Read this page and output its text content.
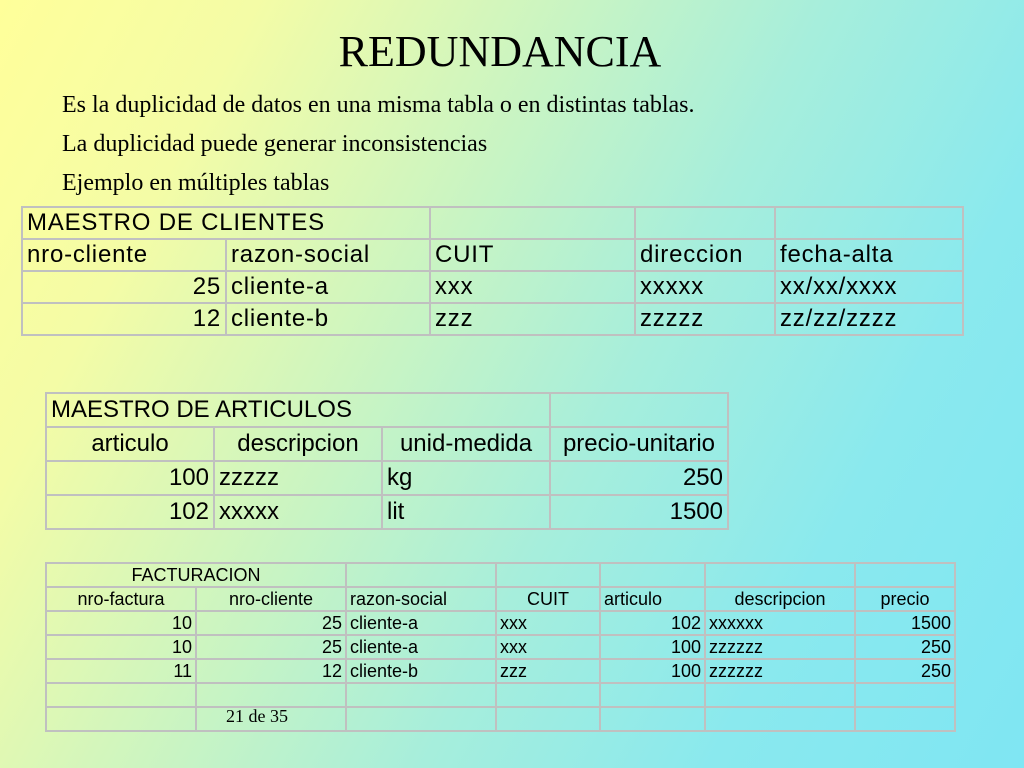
REDUNDANCIA
Es la duplicidad de datos en una misma tabla o en distintas tablas.
La duplicidad puede generar inconsistencias
Ejemplo en múltiples tablas
MAESTRO DE CLIENTES				
nro-cliente	razon-social	CUIT	direccion	fecha-alta
25	cliente-a	xxx	xxxxx	xx/xx/xxxx
12	cliente-b	zzz	zzzzz	zz/zz/zzzz
MAESTRO DE ARTICULOS			
articulo	descripcion	unid-medida	precio-unitario
100	zzzzz	kg	250
102	xxxxx	lit	1500
FACTURACION						
nro-factura	nro-cliente	razon-social	CUIT	articulo	descripcion	precio
10	25	cliente-a	xxx	102	xxxxxx	1500
10	25	cliente-a	xxx	100	zzzzzz	250
11	12	cliente-b	zzz	100	zzzzzz	250

21 de 35
